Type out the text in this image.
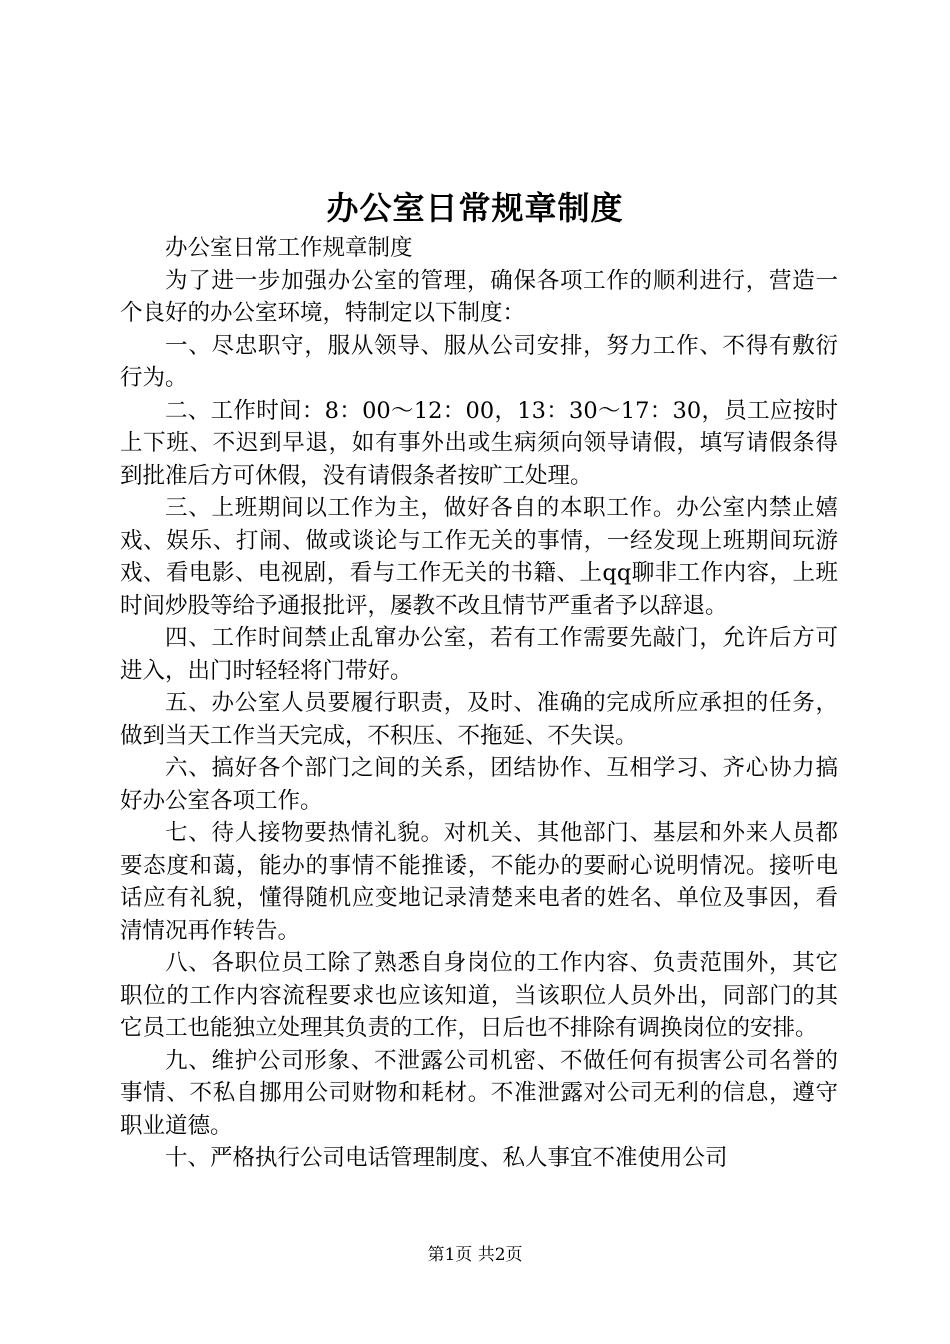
办公室日常规章制度

办公室日常工作规章制度

为了进一步加强办公室的管理，确保各项工作的顺利进行，营造一个良好的办公室环境，特制定以下制度：

一、尽忠职守，服从领导、服从公司安排，努力工作、不得有敷衍行为。

二、工作时间：8：00～12：00，13：30～17：30，员工应按时上下班、不迟到早退，如有事外出或生病须向领导请假，填写请假条得到批准后方可休假，没有请假条者按旷工处理。

三、上班期间以工作为主，做好各自的本职工作。办公室内禁止嬉戏、娱乐、打闹、做或谈论与工作无关的事情，一经发现上班期间玩游戏、看电影、电视剧，看与工作无关的书籍、上qq聊非工作内容，上班时间炒股等给予通报批评，屡教不改且情节严重者予以辞退。

四、工作时间禁止乱窜办公室，若有工作需要先敲门，允许后方可进入，出门时轻轻将门带好。

五、办公室人员要履行职责，及时、准确的完成所应承担的任务，做到当天工作当天完成，不积压、不拖延、不失误。

六、搞好各个部门之间的关系，团结协作、互相学习、齐心协力搞好办公室各项工作。

七、待人接物要热情礼貌。对机关、其他部门、基层和外来人员都要态度和蔼，能办的事情不能推诿，不能办的要耐心说明情况。接听电话应有礼貌，懂得随机应变地记录清楚来电者的姓名、单位及事因，看清情况再作转告。

八、各职位员工除了熟悉自身岗位的工作内容、负责范围外，其它职位的工作内容流程要求也应该知道，当该职位人员外出，同部门的其它员工也能独立处理其负责的工作，日后也不排除有调换岗位的安排。

九、维护公司形象、不泄露公司机密、不做任何有损害公司名誉的事情、不私自挪用公司财物和耗材。不准泄露对公司无利的信息，遵守职业道德。

十、严格执行公司电话管理制度、私人事宜不准使用公司

第1页 共2页
